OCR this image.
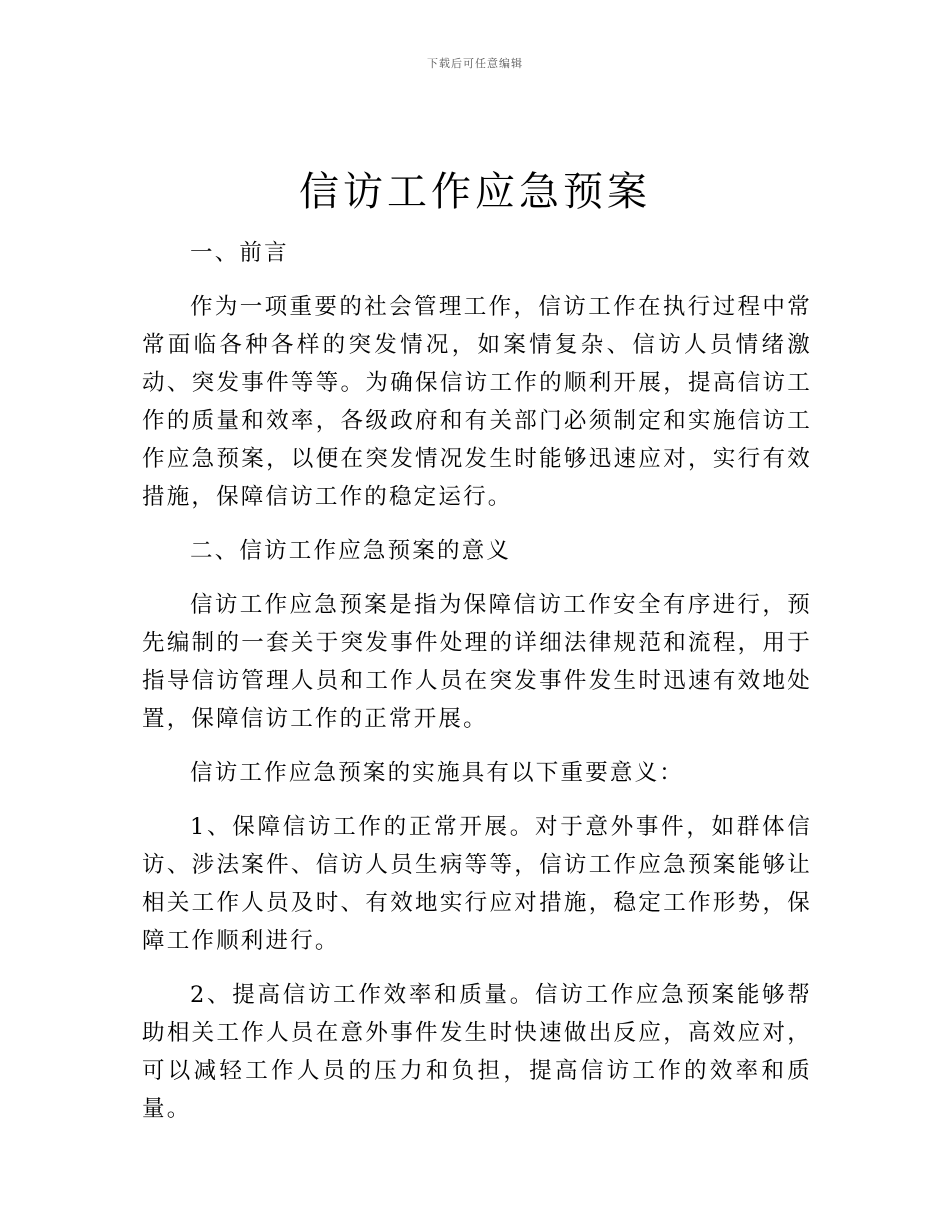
下载后可任意编辑
信访工作应急预案

一、前言

作为一项重要的社会管理工作，信访工作在执行过程中常常面临各种各样的突发情况，如案情复杂、信访人员情绪激动、突发事件等等。为确保信访工作的顺利开展，提高信访工作的质量和效率，各级政府和有关部门必须制定和实施信访工作应急预案，以便在突发情况发生时能够迅速应对，实行有效措施，保障信访工作的稳定运行。

二、信访工作应急预案的意义

信访工作应急预案是指为保障信访工作安全有序进行，预先编制的一套关于突发事件处理的详细法律规范和流程，用于指导信访管理人员和工作人员在突发事件发生时迅速有效地处置，保障信访工作的正常开展。

信访工作应急预案的实施具有以下重要意义：

1、保障信访工作的正常开展。对于意外事件，如群体信访、涉法案件、信访人员生病等等，信访工作应急预案能够让相关工作人员及时、有效地实行应对措施，稳定工作形势，保障工作顺利进行。

2、提高信访工作效率和质量。信访工作应急预案能够帮助相关工作人员在意外事件发生时快速做出反应，高效应对，可以减轻工作人员的压力和负担，提高信访工作的效率和质量。
